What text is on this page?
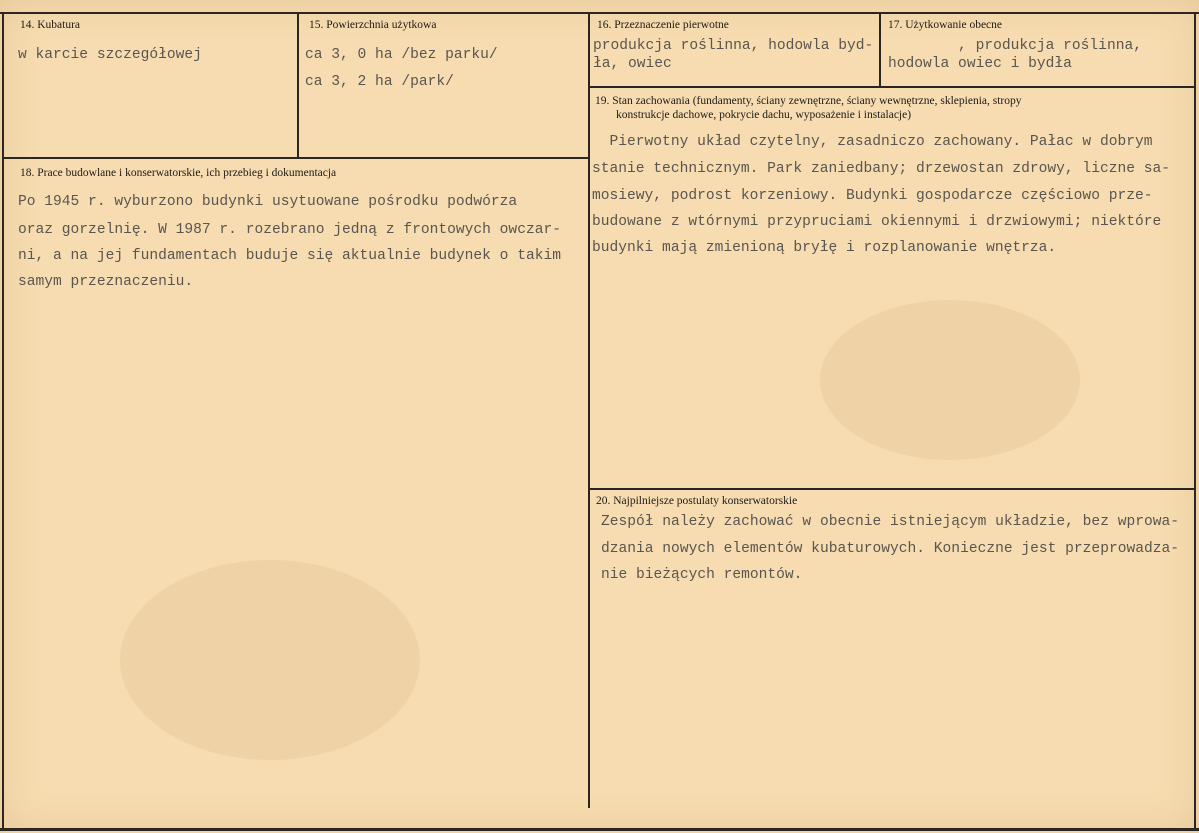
14. Kubatura
w karcie szczegółowej
15. Powierzchnia użytkowa
ca 3, 0 ha /bez parku/
ca 3, 2 ha /park/
16. Przeznaczenie pierwotne
produkcja roślinna, hodowla byd-
ła, owiec
17. Użytkowanie obecne
, produkcja roślinna,
hodowla owiec i bydła
18. Prace budowlane i konserwatorskie, ich przebieg i dokumentacja
Po 1945 r. wyburzono budynki usytuowane pośrodku podwórza
oraz gorzelnię. W 1987 r. rozebrano jedną z frontowych owczar-
ni, a na jej fundamentach buduje się aktualnie budynek o takim
samym przeznaczeniu.
19. Stan zachowania (fundamenty, ściany zewnętrzne, ściany wewnętrzne, sklepienia, stropy
konstrukcje dachowe, pokrycie dachu, wyposażenie i instalacje)
Pierwotny układ czytelny, zasadniczo zachowany. Pałac w dobrym
stanie technicznym. Park zaniedbany; drzewostan zdrowy, liczne sa-
mosiewy, podrost korzeniowy. Budynki gospodarcze częściowo prze-
budowane z wtórnymi przypruciami okiennymi i drzwiowymi; niektóre
budynki mają zmienioną bryłę i rozplanowanie wnętrza.
20. Najpilniejsze postulaty konserwatorskie
Zespół należy zachować w obecnie istniejącym układzie, bez wprowa-
dzania nowych elementów kubaturowych. Konieczne jest przeprowadza-
nie bieżących remontów.
